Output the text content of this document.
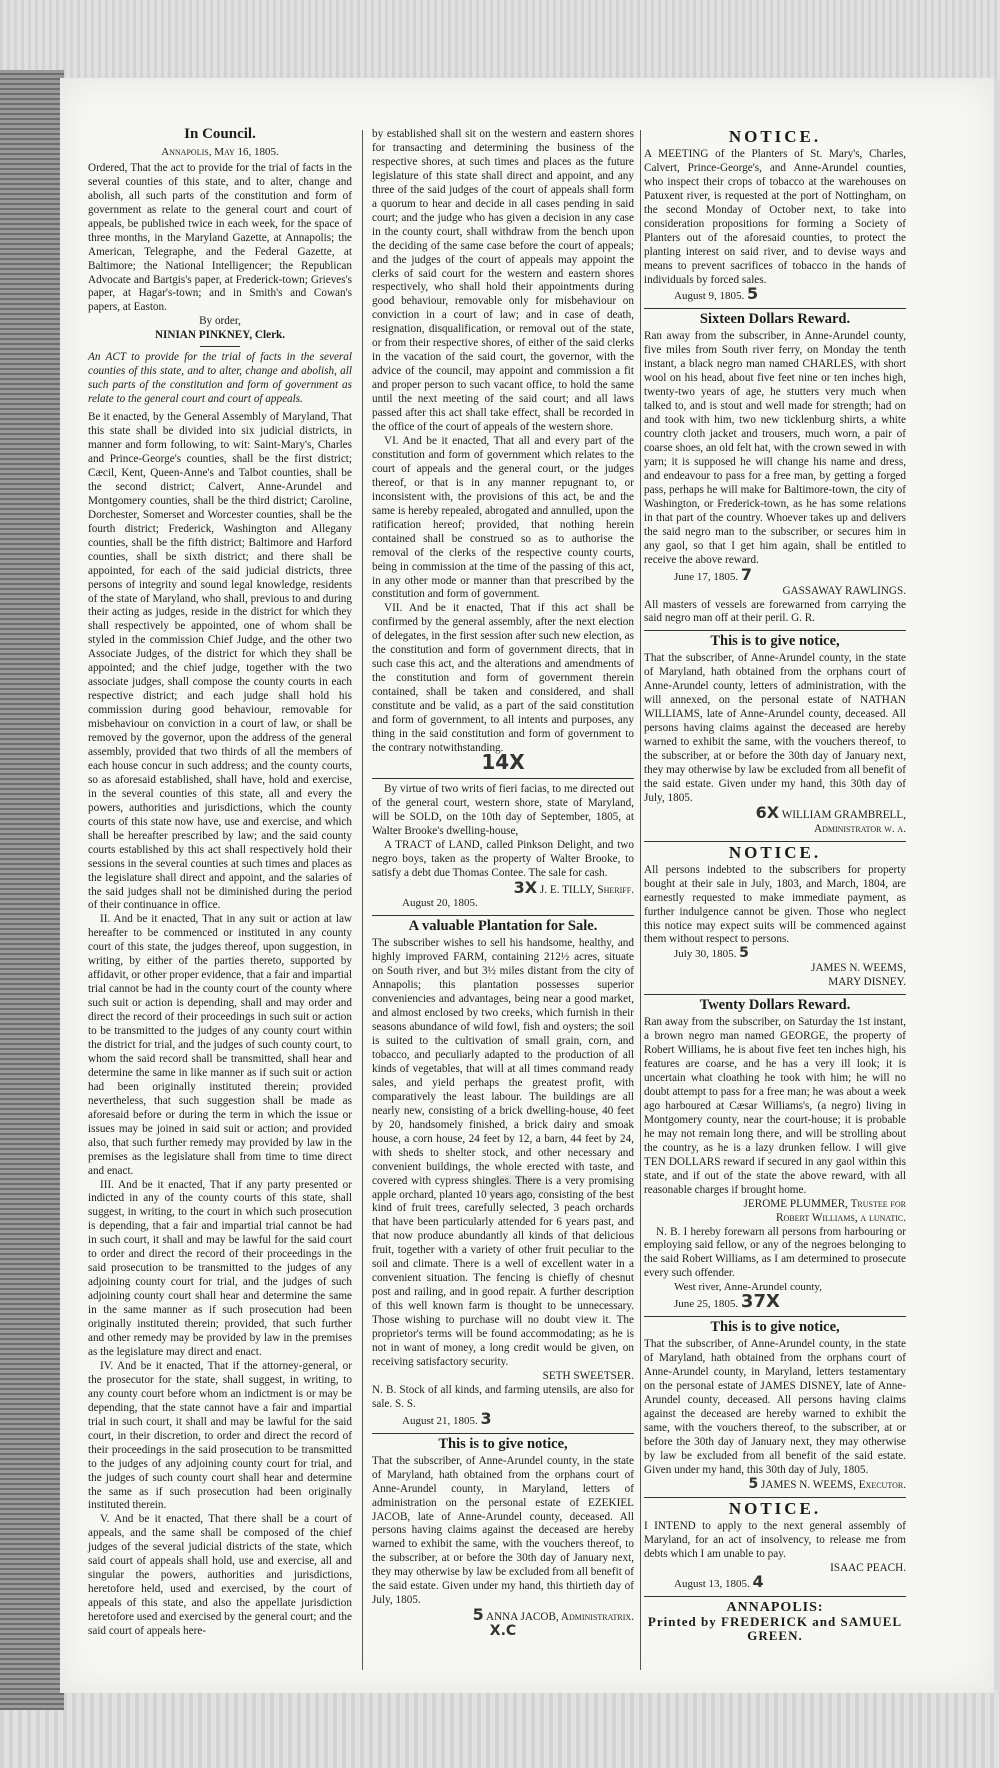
In Council.
Annapolis, May 16, 1805.

Ordered, That the act to provide for the trial of facts in the several counties of this state, and to alter, change and abolish, all such parts of the constitution and form of government as relate to the general court and court of appeals, be published twice in each week, for the space of three months, in the Maryland Gazette, at Annapolis; the American, Telegraphe, and the Federal Gazette, at Baltimore; the National Intelligencer; the Republican Advocate and Bartgis's paper, at Frederick-town; Grieves's paper, at Hagar's-town; and in Smith's and Cowan's papers, at Easton.

By order,

NINIAN PINKNEY, Clerk.

An ACT to provide for the trial of facts in the several counties of this state, and to alter, change and abolish, all such parts of the constitution and form of government as relate to the general court and court of appeals.

Be it enacted, by the General Assembly of Maryland, That this state shall be divided into six judicial districts, in manner and form following, to wit: Saint-Mary's, Charles and Prince-George's counties, shall be the first district; Cæcil, Kent, Queen-Anne's and Talbot counties, shall be the second district; Calvert, Anne-Arundel and Montgomery counties, shall be the third district; Caroline, Dorchester, Somerset and Worcester counties, shall be the fourth district; Frederick, Washington and Allegany counties, shall be the fifth district; Baltimore and Harford counties, shall be sixth district; and there shall be appointed, for each of the said judicial districts, three persons of integrity and sound legal knowledge, residents of the state of Maryland, who shall, previous to and during their acting as judges, reside in the district for which they shall respectively be appointed, one of whom shall be styled in the commission Chief Judge, and the other two Associate Judges, of the district for which they shall be appointed; and the chief judge, together with the two associate judges, shall compose the county courts in each respective district; and each judge shall hold his commission during good behaviour, removable for misbehaviour on conviction in a court of law, or shall be removed by the governor, upon the address of the general assembly, provided that two thirds of all the members of each house concur in such address; and the county courts, so as aforesaid established, shall have, hold and exercise, in the several counties of this state, all and every the powers, authorities and jurisdictions, which the county courts of this state now have, use and exercise, and which shall be hereafter prescribed by law; and the said county courts established by this act shall respectively hold their sessions in the several counties at such times and places as the legislature shall direct and appoint, and the salaries of the said judges shall not be diminished during the period of their continuance in office.

II. And be it enacted, That in any suit or action at law hereafter to be commenced or instituted in any county court of this state, the judges thereof, upon suggestion, in writing, by either of the parties thereto, supported by affidavit, or other proper evidence, that a fair and impartial trial cannot be had in the county court of the county where such suit or action is depending, shall and may order and direct the record of their proceedings in such suit or action to be transmitted to the judges of any county court within the district for trial, and the judges of such county court, to whom the said record shall be transmitted, shall hear and determine the same in like manner as if such suit or action had been originally instituted therein; provided nevertheless, that such suggestion shall be made as aforesaid before or during the term in which the issue or issues may be joined in said suit or action; and provided also, that such further remedy may provided by law in the premises as the legislature shall from time to time direct and enact.

III. And be it enacted, That if any party presented or indicted in any of the county courts of this state, shall suggest, in writing, to the court in which such prosecution is depending, that a fair and impartial trial cannot be had in such court, it shall and may be lawful for the said court to order and direct the record of their proceedings in the said prosecution to be transmitted to the judges of any adjoining county court for trial, and the judges of such adjoining county court shall hear and determine the same in the same manner as if such prosecution had been originally instituted therein; provided, that such further and other remedy may be provided by law in the premises as the legislature may direct and enact.

IV. And be it enacted, That if the attorney-general, or the prosecutor for the state, shall suggest, in writing, to any county court before whom an indictment is or may be depending, that the state cannot have a fair and impartial trial in such court, it shall and may be lawful for the said court, in their discretion, to order and direct the record of their proceedings in the said prosecution to be transmitted to the judges of any adjoining county court for trial, and the judges of such county court shall hear and determine the same as if such prosecution had been originally instituted therein.

V. And be it enacted, That there shall be a court of appeals, and the same shall be composed of the chief judges of the several judicial districts of the state, which said court of appeals shall hold, use and exercise, all and singular the powers, authorities and jurisdictions, heretofore held, used and exercised, by the court of appeals of this state, and also the appellate jurisdiction heretofore used and exercised by the general court; and the said court of appeals here-

by established shall sit on the western and eastern shores for transacting and determining the business of the respective shores, at such times and places as the future legislature of this state shall direct and appoint, and any three of the said judges of the court of appeals shall form a quorum to hear and decide in all cases pending in said court; and the judge who has given a decision in any case in the county court, shall withdraw from the bench upon the deciding of the same case before the court of appeals; and the judges of the court of appeals may appoint the clerks of said court for the western and eastern shores respectively, who shall hold their appointments during good behaviour, removable only for misbehaviour on conviction in a court of law; and in case of death, resignation, disqualification, or removal out of the state, or from their respective shores, of either of the said clerks in the vacation of the said court, the governor, with the advice of the council, may appoint and commission a fit and proper person to such vacant office, to hold the same until the next meeting of the said court; and all laws passed after this act shall take effect, shall be recorded in the office of the court of appeals of the western shore.

VI. And be it enacted, That all and every part of the constitution and form of government which relates to the court of appeals and the general court, or the judges thereof, or that is in any manner repugnant to, or inconsistent with, the provisions of this act, be and the same is hereby repealed, abrogated and annulled, upon the ratification hereof; provided, that nothing herein contained shall be construed so as to authorise the removal of the clerks of the respective county courts, being in commission at the time of the passing of this act, in any other mode or manner than that prescribed by the constitution and form of government.

VII. And be it enacted, That if this act shall be confirmed by the general assembly, after the next election of delegates, in the first session after such new election, as the constitution and form of government directs, that in such case this act, and the alterations and amendments of the constitution and form of government therein contained, shall be taken and considered, and shall constitute and be valid, as a part of the said constitution and form of government, to all intents and purposes, any thing in the said constitution and form of government to the contrary notwithstanding.

14X

By virtue of two writs of fieri facias, to me directed out of the general court, western shore, state of Maryland, will be SOLD, on the 10th day of September, 1805, at Walter Brooke's dwelling-house,

A TRACT of LAND, called Pinkson Delight, and two negro boys, taken as the property of Walter Brooke, to satisfy a debt due Thomas Contee. The sale for cash.

3X J. E. TILLY, Sheriff.

August 20, 1805.

A valuable Plantation for Sale.

The subscriber wishes to sell his handsome, healthy, and highly improved FARM, containing 212½ acres, situate on South river, and but 3½ miles distant from the city of Annapolis; this plantation possesses superior conveniencies and advantages, being near a good market, and almost enclosed by two creeks, which furnish in their seasons abundance of wild fowl, fish and oysters; the soil is suited to the cultivation of small grain, corn, and tobacco, and peculiarly adapted to the production of all kinds of vegetables, that will at all times command ready sales, and yield perhaps the greatest profit, with comparatively the least labour. The buildings are all nearly new, consisting of a brick dwelling-house, 40 feet by 20, handsomely finished, a brick dairy and smoak house, a corn house, 24 feet by 12, a barn, 44 feet by 24, with sheds to shelter stock, and other necessary and convenient buildings, the whole erected with taste, and covered with cypress shingles. There is a very promising apple orchard, planted 10 years ago, consisting of the best kind of fruit trees, carefully selected, 3 peach orchards that have been particularly attended for 6 years past, and that now produce abundantly all kinds of that delicious fruit, together with a variety of other fruit peculiar to the soil and climate. There is a well of excellent water in a convenient situation. The fencing is chiefly of chesnut post and railing, and in good repair. A further description of this well known farm is thought to be unnecessary. Those wishing to purchase will no doubt view it. The proprietor's terms will be found accommodating; as he is not in want of money, a long credit would be given, on receiving satisfactory security.

SETH SWEETSER.

N. B. Stock of all kinds, and farming utensils, are also for sale. S. S.

August 21, 1805. 3

This is to give notice,

That the subscriber, of Anne-Arundel county, in the state of Maryland, hath obtained from the orphans court of Anne-Arundel county, in Maryland, letters of administration on the personal estate of EZEKIEL JACOB, late of Anne-Arundel county, deceased. All persons having claims against the deceased are hereby warned to exhibit the same, with the vouchers thereof, to the subscriber, at or before the 30th day of January next, they may otherwise by law be excluded from all benefit of the said estate. Given under my hand, this thirtieth day of July, 1805.

5 ANNA JACOB, Administratrix.

X.C

NOTICE.

A MEETING of the Planters of St. Mary's, Charles, Calvert, Prince-George's, and Anne-Arundel counties, who inspect their crops of tobacco at the warehouses on Patuxent river, is requested at the port of Nottingham, on the second Monday of October next, to take into consideration propositions for forming a Society of Planters out of the aforesaid counties, to protect the planting interest on said river, and to devise ways and means to prevent sacrifices of tobacco in the hands of individuals by forced sales.

August 9, 1805. 5

Sixteen Dollars Reward.

Ran away from the subscriber, in Anne-Arundel county, five miles from South river ferry, on Monday the tenth instant, a black negro man named CHARLES, with short wool on his head, about five feet nine or ten inches high, twenty-two years of age, he stutters very much when talked to, and is stout and well made for strength; had on and took with him, two new ticklenburg shirts, a white country cloth jacket and trousers, much worn, a pair of coarse shoes, an old felt hat, with the crown sewed in with yarn; it is supposed he will change his name and dress, and endeavour to pass for a free man, by getting a forged pass, perhaps he will make for Baltimore-town, the city of Washington, or Frederick-town, as he has some relations in that part of the country. Whoever takes up and delivers the said negro man to the subscriber, or secures him in any gaol, so that I get him again, shall be entitled to receive the above reward.

June 17, 1805. 7

GASSAWAY RAWLINGS.

All masters of vessels are forewarned from carrying the said negro man off at their peril. G. R.

This is to give notice,

That the subscriber, of Anne-Arundel county, in the state of Maryland, hath obtained from the orphans court of Anne-Arundel county, letters of administration, with the will annexed, on the personal estate of NATHAN WILLIAMS, late of Anne-Arundel county, deceased. All persons having claims against the deceased are hereby warned to exhibit the same, with the vouchers thereof, to the subscriber, at or before the 30th day of January next, they may otherwise by law be excluded from all benefit of the said estate. Given under my hand, this 30th day of July, 1805.

6X WILLIAM GRAMBRELL,

Administrator w. a.

NOTICE.

All persons indebted to the subscribers for property bought at their sale in July, 1803, and March, 1804, are earnestly requested to make immediate payment, as further indulgence cannot be given. Those who neglect this notice may expect suits will be commenced against them without respect to persons.

July 30, 1805. 5

JAMES N. WEEMS,

MARY DISNEY.

Twenty Dollars Reward.

Ran away from the subscriber, on Saturday the 1st instant, a brown negro man named GEORGE, the property of Robert Williams, he is about five feet ten inches high, his features are coarse, and he has a very ill look; it is uncertain what cloathing he took with him; he will no doubt attempt to pass for a free man; he was about a week ago harboured at Cæsar Williams's, (a negro) living in Montgomery county, near the court-house; it is probable he may not remain long there, and will be strolling about the country, as he is a lazy drunken fellow. I will give TEN DOLLARS reward if secured in any gaol within this state, and if out of the state the above reward, with all reasonable charges if brought home.

JEROME PLUMMER, Trustee for

Robert Williams, a lunatic.

N. B. I hereby forewarn all persons from harbouring or employing said fellow, or any of the negroes belonging to the said Robert Williams, as I am determined to prosecute every such offender.

West river, Anne-Arundel county,

June 25, 1805. 37X

This is to give notice,

That the subscriber, of Anne-Arundel county, in the state of Maryland, hath obtained from the orphans court of Anne-Arundel county, in Maryland, letters testamentary on the personal estate of JAMES DISNEY, late of Anne-Arundel county, deceased. All persons having claims against the deceased are hereby warned to exhibit the same, with the vouchers thereof, to the subscriber, at or before the 30th day of January next, they may otherwise by law be excluded from all benefit of the said estate. Given under my hand, this 30th day of July, 1805.

5 JAMES N. WEEMS, Executor.

NOTICE.

I INTEND to apply to the next general assembly of Maryland, for an act of insolvency, to release me from debts which I am unable to pay.

ISAAC PEACH.

August 13, 1805. 4

ANNAPOLIS:
Printed by FREDERICK and SAMUEL GREEN.
